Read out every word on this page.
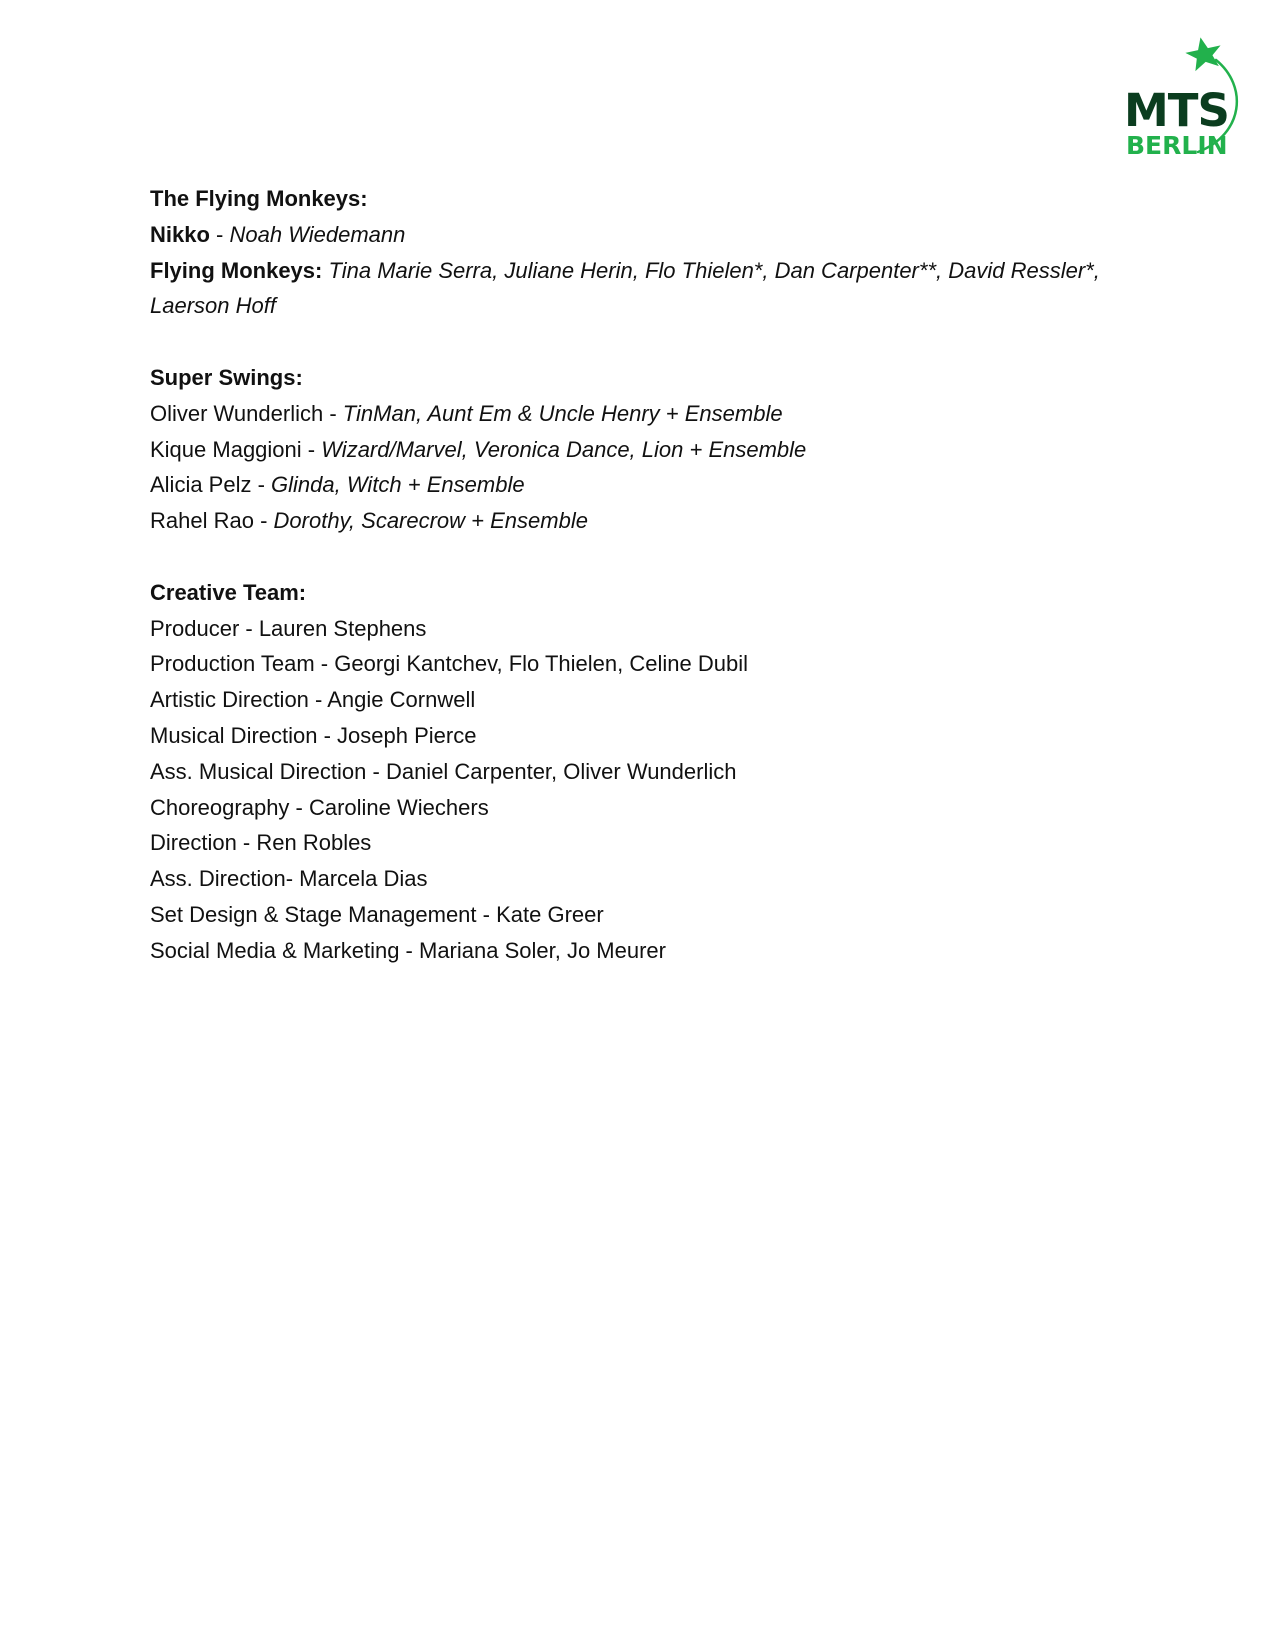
MTS
BERLIN
The Flying Monkeys:
Nikko - Noah Wiedemann
Flying Monkeys: Tina Marie Serra, Juliane Herin, Flo Thielen*, Dan Carpenter**, David Ressler*, Laerson Hoff
Super Swings:
Oliver Wunderlich - TinMan, Aunt Em & Uncle Henry + Ensemble
Kique Maggioni - Wizard/Marvel, Veronica Dance, Lion + Ensemble
Alicia Pelz - Glinda, Witch + Ensemble
Rahel Rao - Dorothy, Scarecrow + Ensemble
Creative Team:
Producer - Lauren Stephens
Production Team - Georgi Kantchev, Flo Thielen, Celine Dubil
Artistic Direction - Angie Cornwell
Musical Direction - Joseph Pierce
Ass. Musical Direction - Daniel Carpenter, Oliver Wunderlich
Choreography - Caroline Wiechers
Direction - Ren Robles
Ass. Direction- Marcela Dias
Set Design & Stage Management - Kate Greer
Social Media & Marketing - Mariana Soler, Jo Meurer
